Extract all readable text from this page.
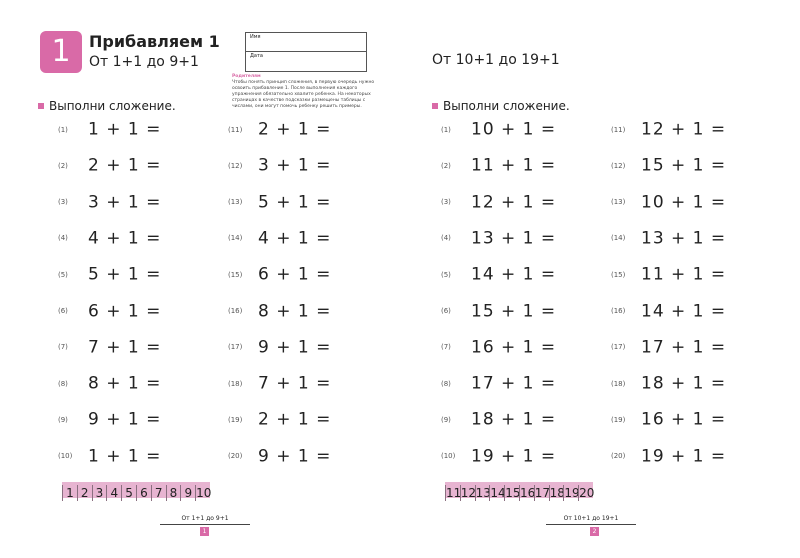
1	Прибавляем 1
От 1+1 до 9+1
Имя
Дата
Родителям
Чтобы понять принцип сложения, в первую очередь нужно освоить прибавление 1. После выполнения каждого упражнения обязательно хвалите ребенка. На некоторых страницах в качестве подсказки размещены таблицы с числами, они могут помочь ребенку решить примеры.
Выполни сложение.
От 10+1 до 19+1
Выполни сложение.
(1) 1 + 1 =
(2) 2 + 1 =
(3) 3 + 1 =
(4) 4 + 1 =
(5) 5 + 1 =
(6) 6 + 1 =
(7) 7 + 1 =
(8) 8 + 1 =
(9) 9 + 1 =
(10) 1 + 1 =
(11) 2 + 1 =
(12) 3 + 1 =
(13) 5 + 1 =
(14) 4 + 1 =
(15) 6 + 1 =
(16) 8 + 1 =
(17) 9 + 1 =
(18) 7 + 1 =
(19) 2 + 1 =
(20) 9 + 1 =
(1) 10 + 1 =
(2) 11 + 1 =
(3) 12 + 1 =
(4) 13 + 1 =
(5) 14 + 1 =
(6) 15 + 1 =
(7) 16 + 1 =
(8) 17 + 1 =
(9) 18 + 1 =
(10) 19 + 1 =
(11) 12 + 1 =
(12) 15 + 1 =
(13) 10 + 1 =
(14) 13 + 1 =
(15) 11 + 1 =
(16) 14 + 1 =
(17) 17 + 1 =
(18) 18 + 1 =
(19) 16 + 1 =
(20) 19 + 1 =
1 2 3 4 5 6 7 8 9 10	11121314151617181920
От 1+1 до 9+1
1
От 10+1 до 19+1
2
